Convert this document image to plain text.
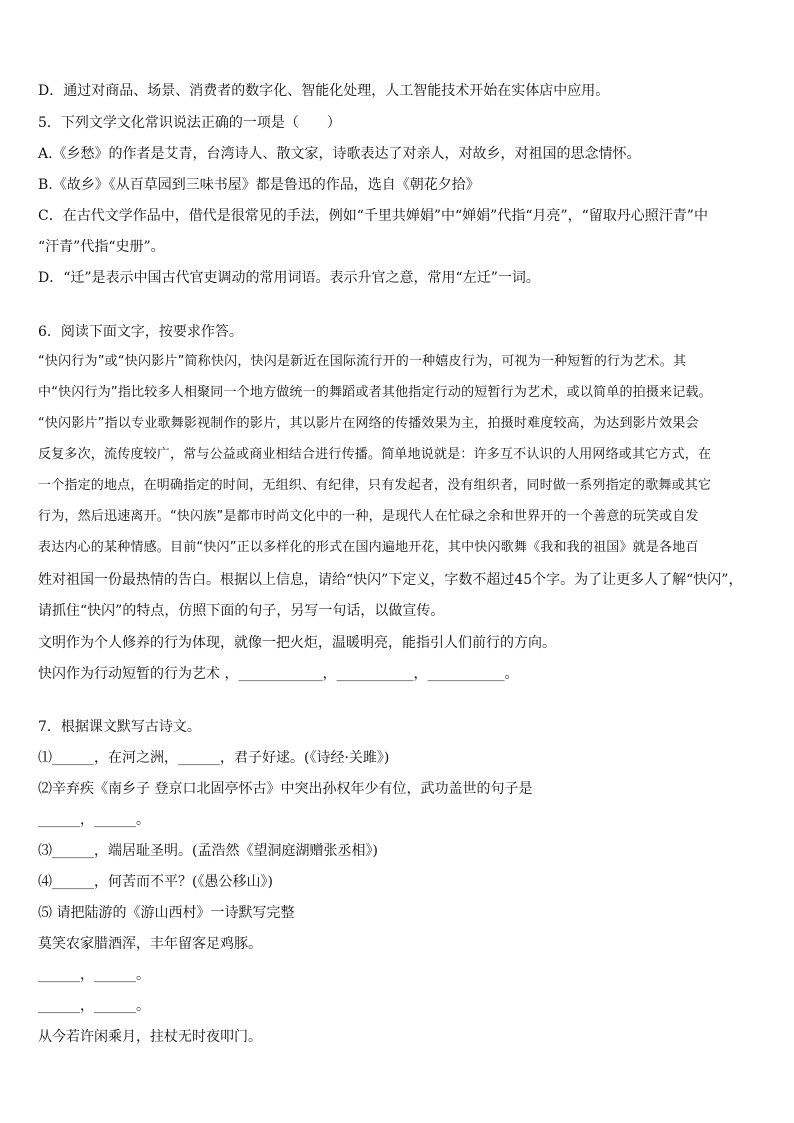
D．通过对商品、场景、消费者的数字化、智能化处理，人工智能技术开始在实体店中应用。
5．下列文学文化常识说法正确的一项是（　　）
A.《乡愁》的作者是艾青，台湾诗人、散文家，诗歌表达了对亲人，对故乡，对祖国的思念情怀。
B.《故乡》《从百草园到三味书屋》都是鲁迅的作品，选自《朝花夕拾》
C．在古代文学作品中，借代是很常见的手法，例如“千里共婵娟”中“婵娟”代指“月亮”，“留取丹心照汗青”中
“汗青”代指“史册”。
D．“迁”是表示中国古代官吏调动的常用词语。表示升官之意，常用“左迁”一词。
6．阅读下面文字，按要求作答。
“快闪行为”或“快闪影片”简称快闪，快闪是新近在国际流行开的一种嬉皮行为，可视为一种短暂的行为艺术。其
中“快闪行为”指比较多人相聚同一个地方做统一的舞蹈或者其他指定行动的短暂行为艺术，或以简单的拍摄来记载。
“快闪影片”指以专业歌舞影视制作的影片，其以影片在网络的传播效果为主，拍摄时难度较高，为达到影片效果会
反复多次，流传度较广，常与公益或商业相结合进行传播。简单地说就是：许多互不认识的人用网络或其它方式，在
一个指定的地点，在明确指定的时间，无组织、有纪律，只有发起者，没有组织者，同时做一系列指定的歌舞或其它
行为，然后迅速离开。“快闪族”是都市时尚文化中的一种，是现代人在忙碌之余和世界开的一个善意的玩笑或自发
表达内心的某种情感。目前“快闪”正以多样化的形式在国内遍地开花，其中快闪歌舞《我和我的祖国》就是各地百
姓对祖国一份最热情的告白。根据以上信息，请给“快闪”下定义，字数不超过45个字。为了让更多人了解“快闪”，
请抓住“快闪”的特点，仿照下面的句子，另写一句话，以做宣传。
文明作为个人修养的行为体现，就像一把火炬，温暖明亮，能指引人们前行的方向。
快闪作为行动短暂的行为艺术 ，____________，___________，___________。
7．根据课文默写古诗文。
⑴______，在河之洲，______，君子好逑。(《诗经·关雎》)
⑵辛弃疾《南乡子 登京口北固亭怀古》中突出孙权年少有位，武功盖世的句子是
______，______。
⑶______，端居耻圣明。(孟浩然《望洞庭湖赠张丞相》)
⑷______，何苦而不平？(《愚公移山》)
⑸ 请把陆游的《游山西村》一诗默写完整
莫笑农家腊酒浑，丰年留客足鸡豚。
______，______。
______，______。
从今若许闲乘月，拄杖无时夜叩门。
